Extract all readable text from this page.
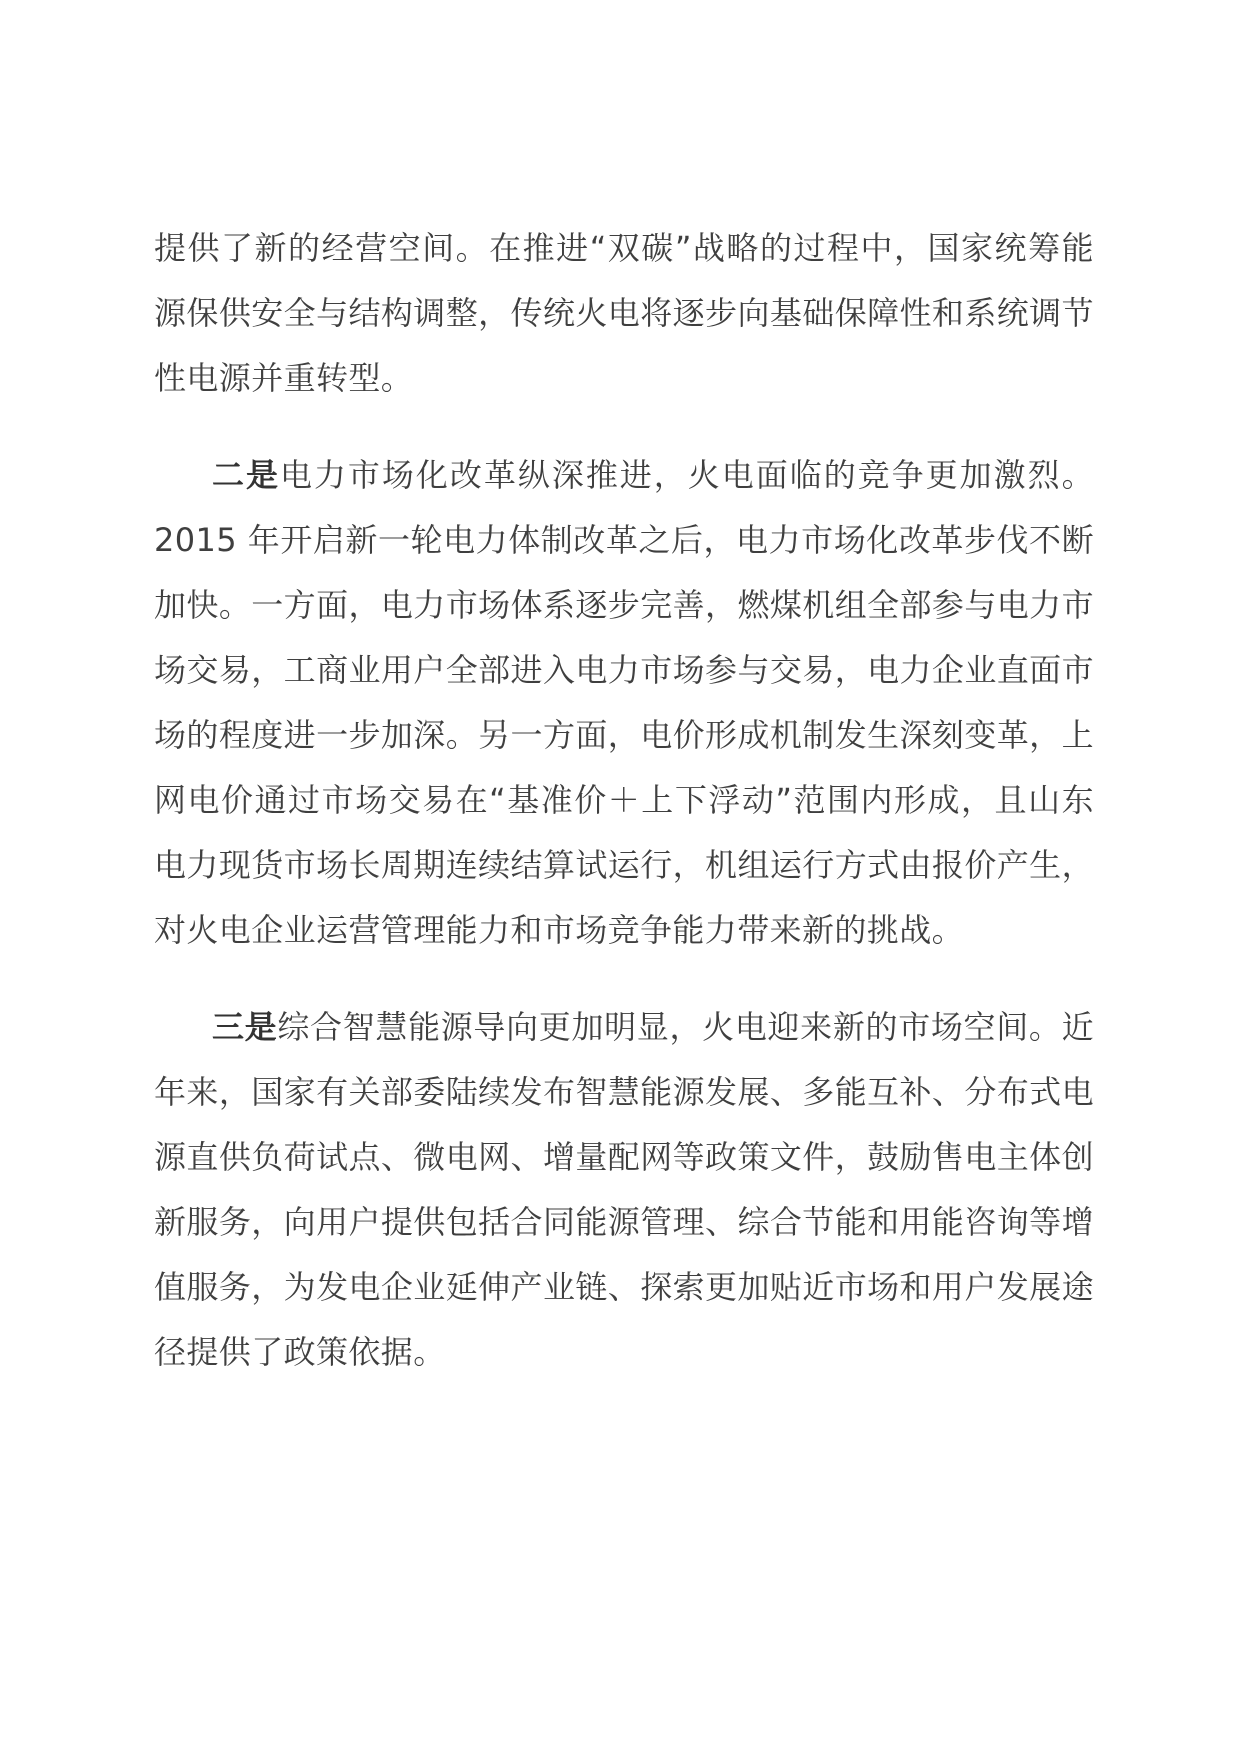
提供了新的经营空间。在推进“双碳”战略的过程中，国家统筹能源保供安全与结构调整，传统火电将逐步向基础保障性和系统调节性电源并重转型。

二是电力市场化改革纵深推进，火电面临的竞争更加激烈。2015 年开启新一轮电力体制改革之后，电力市场化改革步伐不断加快。一方面，电力市场体系逐步完善，燃煤机组全部参与电力市场交易，工商业用户全部进入电力市场参与交易，电力企业直面市场的程度进一步加深。另一方面，电价形成机制发生深刻变革，上网电价通过市场交易在“基准价＋上下浮动”范围内形成，且山东电力现货市场长周期连续结算试运行，机组运行方式由报价产生，对火电企业运营管理能力和市场竞争能力带来新的挑战。

三是综合智慧能源导向更加明显，火电迎来新的市场空间。近年来，国家有关部委陆续发布智慧能源发展、多能互补、分布式电源直供负荷试点、微电网、增量配网等政策文件，鼓励售电主体创新服务，向用户提供包括合同能源管理、综合节能和用能咨询等增值服务，为发电企业延伸产业链、探索更加贴近市场和用户发展途径提供了政策依据。
